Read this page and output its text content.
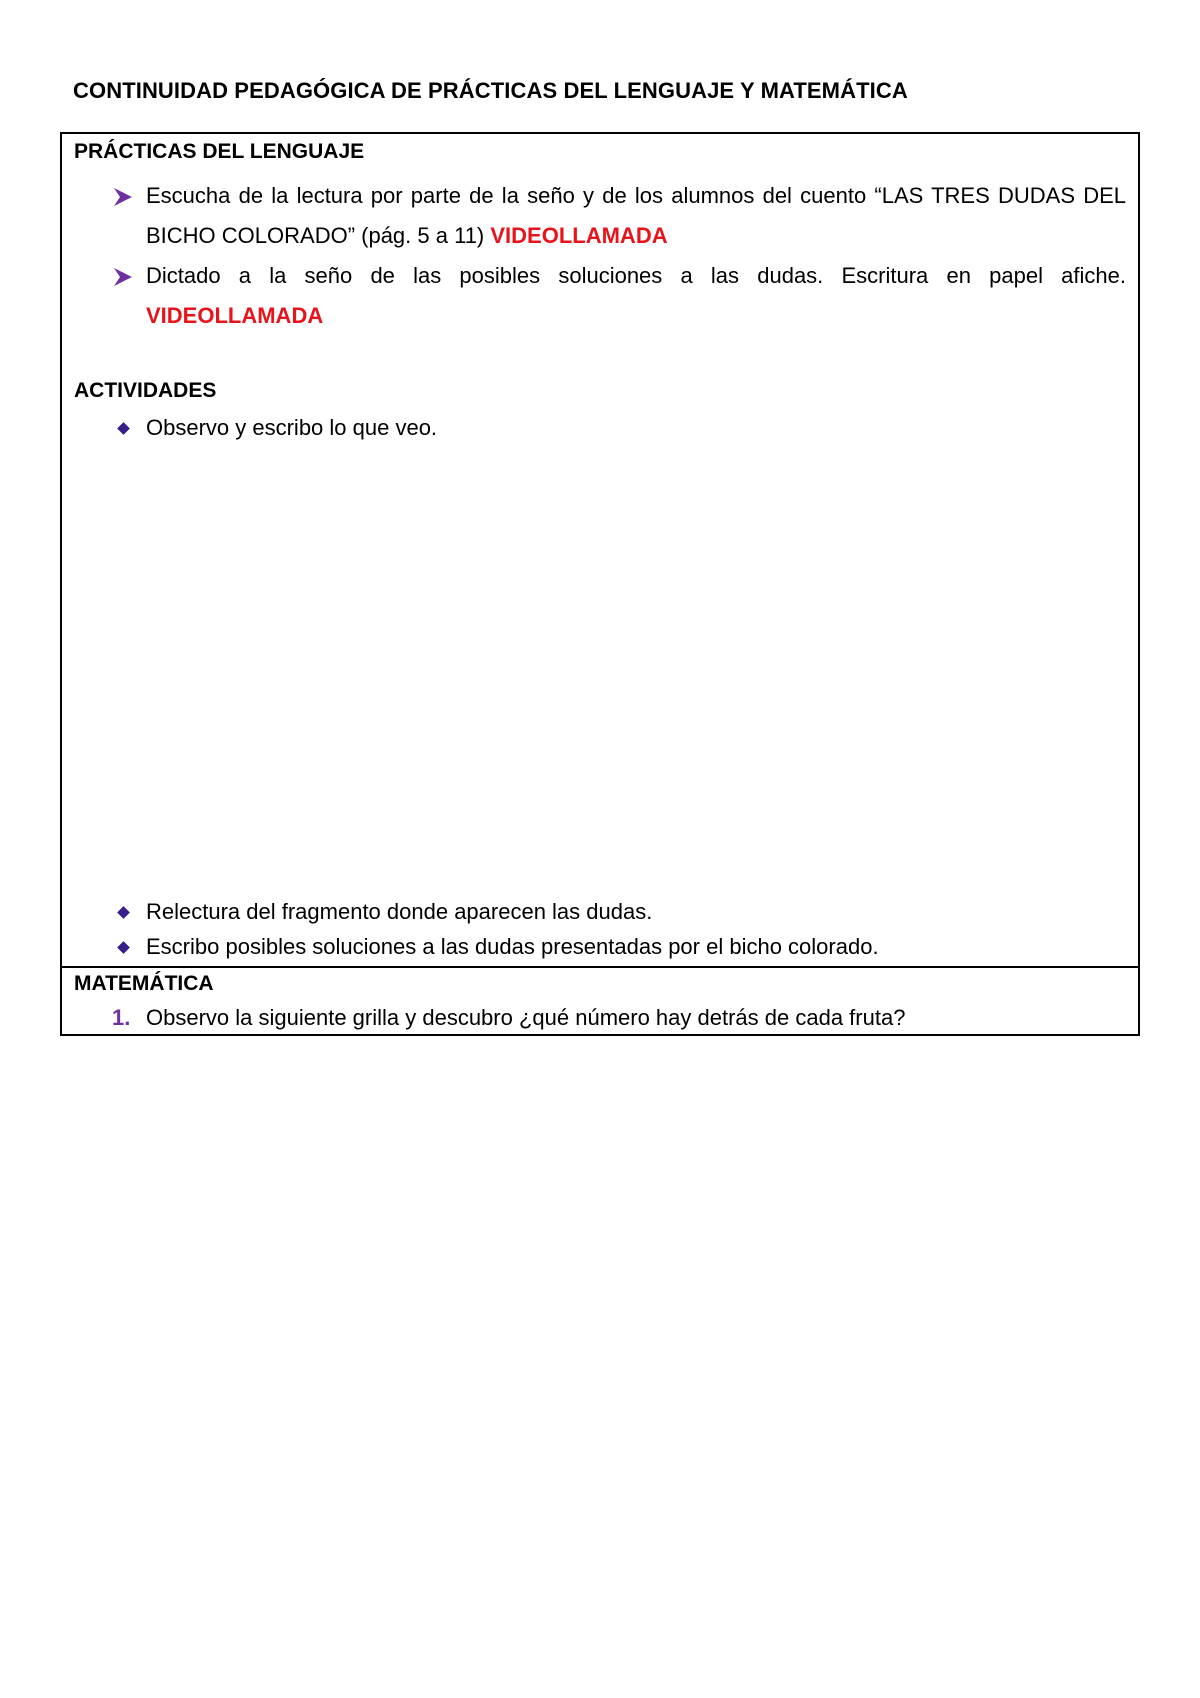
CONTINUIDAD PEDAGÓGICA DE PRÁCTICAS DEL LENGUAJE Y MATEMÁTICA
PRÁCTICAS DEL LENGUAJE
Escucha de la lectura por parte de la seño y de los alumnos del cuento “LAS TRES DUDAS DEL BICHO COLORADO” (pág. 5 a 11) VIDEOLLAMADA
Dictado a la seño de las posibles soluciones a las dudas. Escritura en papel afiche. VIDEOLLAMADA
ACTIVIDADES
Observo y escribo lo que veo.
Relectura del fragmento donde aparecen las dudas.
Escribo posibles soluciones a las dudas presentadas por el bicho colorado.
MATEMÁTICA
1. Observo la siguiente grilla y descubro ¿qué número hay detrás de cada fruta?
